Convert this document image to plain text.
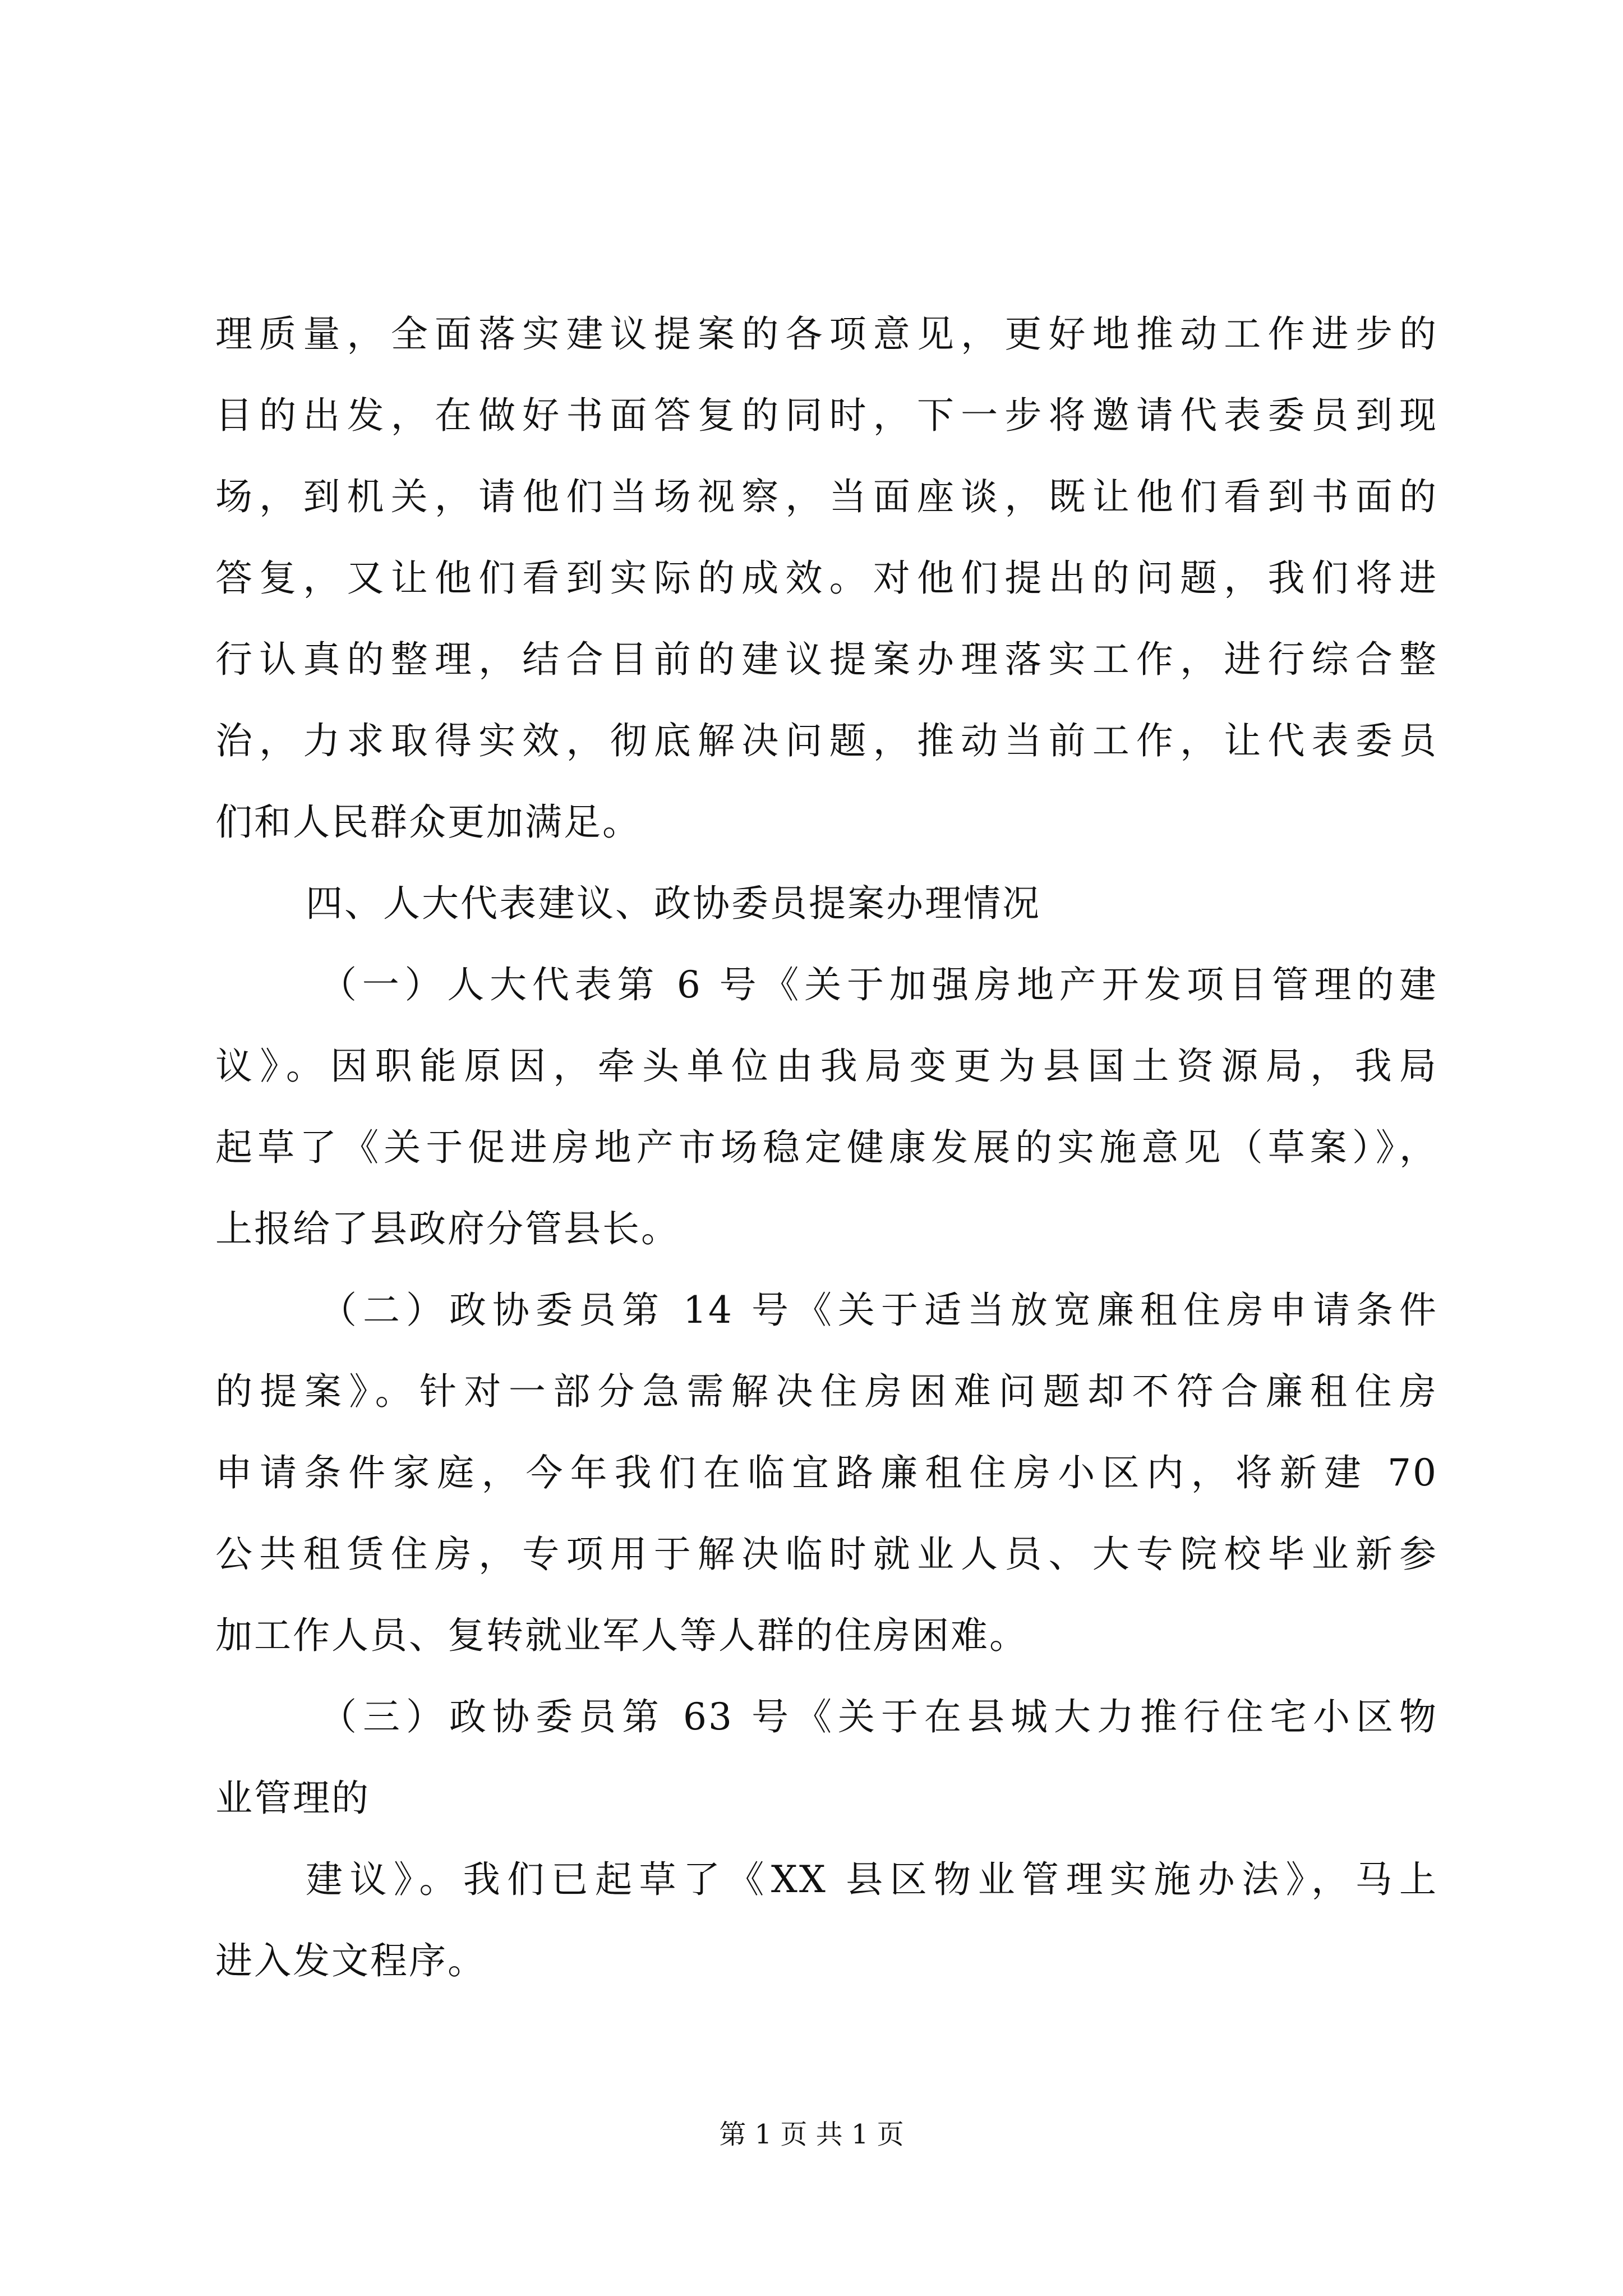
理质量，全面落实建议提案的各项意见，更好地推动工作进步的

目的出发，在做好书面答复的同时，下一步将邀请代表委员到现

场，到机关，请他们当场视察，当面座谈，既让他们看到书面的

答复，又让他们看到实际的成效。对他们提出的问题，我们将进

行认真的整理，结合目前的建议提案办理落实工作，进行综合整

治，力求取得实效，彻底解决问题，推动当前工作，让代表委员

们和人民群众更加满足。

四、人大代表建议、政协委员提案办理情况

（一）人大代表第 6 号《关于加强房地产开发项目管理的建

议》。因职能原因，牵头单位由我局变更为县国土资源局，我局

起草了《关于促进房地产市场稳定健康发展的实施意见（草案）》，

上报给了县政府分管县长。

（二）政协委员第 14 号《关于适当放宽廉租住房申请条件

的提案》。针对一部分急需解决住房困难问题却不符合廉租住房

申请条件家庭，今年我们在临宜路廉租住房小区内，将新建 70

公共租赁住房，专项用于解决临时就业人员、大专院校毕业新参

加工作人员、复转就业军人等人群的住房困难。

（三）政协委员第 63 号《关于在县城大力推行住宅小区物

业管理的

建议》。我们已起草了《XX 县区物业管理实施办法》，马上

进入发文程序。

第 1 页 共 1 页
